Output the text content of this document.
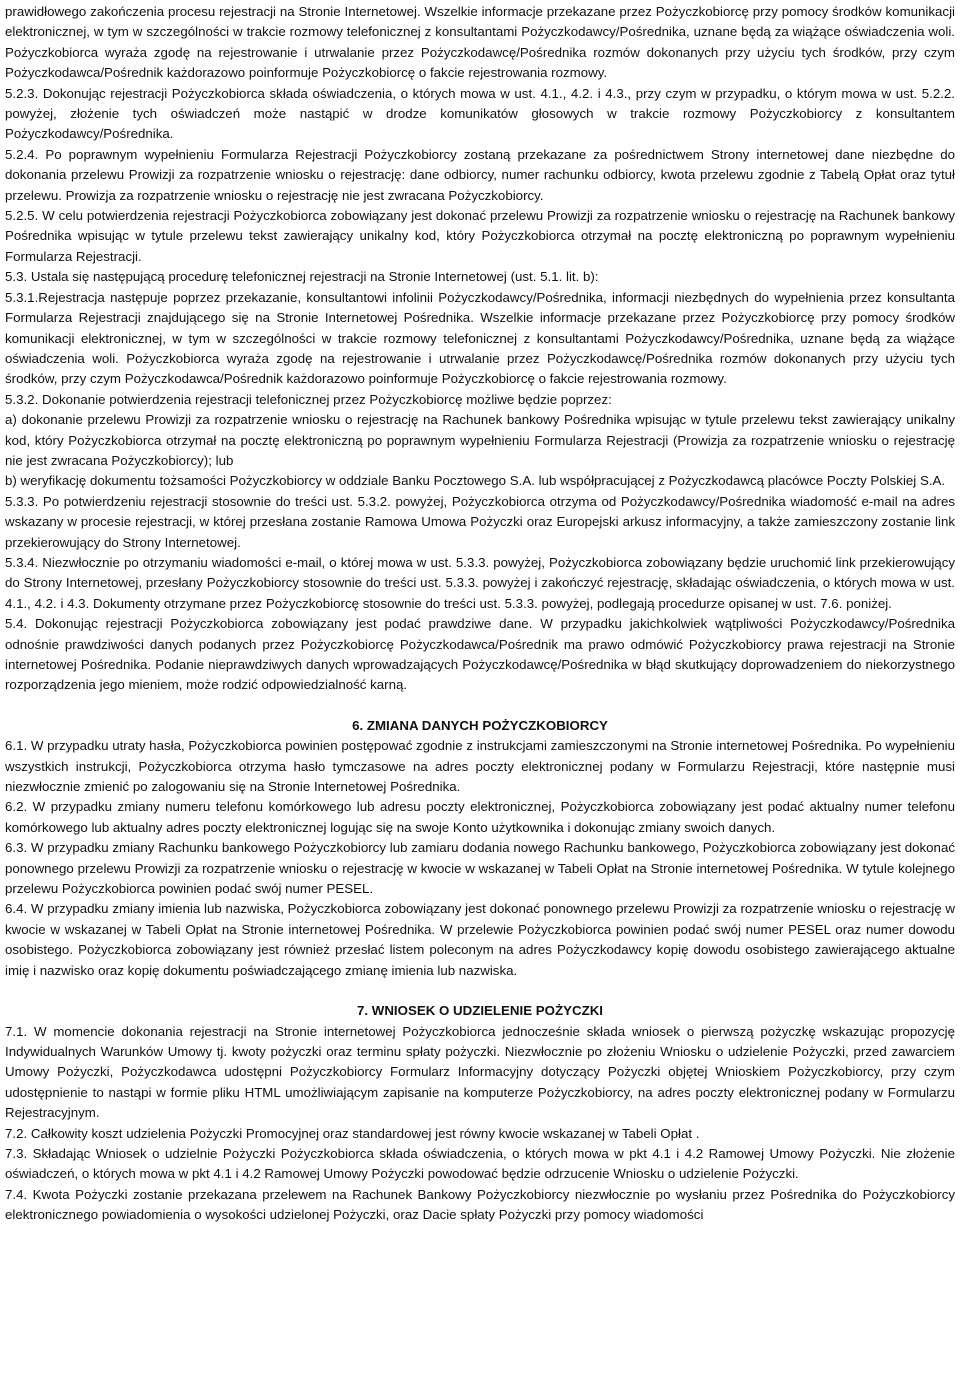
prawidłowego zakończenia procesu rejestracji na Stronie Internetowej. Wszelkie informacje przekazane przez Pożyczkobiorcę przy pomocy środków komunikacji elektronicznej, w tym w szczególności w trakcie rozmowy telefonicznej z konsultantami Pożyczkodawcy/Pośrednika, uznane będą za wiążące oświadczenia woli. Pożyczkobiorca wyraża zgodę na rejestrowanie i utrwalanie przez Pożyczkodawcę/Pośrednika rozmów dokonanych przy użyciu tych środków, przy czym Pożyczkodawca/Pośrednik każdorazowo poinformuje Pożyczkobiorcę o fakcie rejestrowania rozmowy.

5.2.3. Dokonując rejestracji Pożyczkobiorca składa oświadczenia, o których mowa w ust. 4.1., 4.2. i 4.3., przy czym w przypadku, o którym mowa w ust. 5.2.2. powyżej, złożenie tych oświadczeń może nastąpić w drodze komunikatów głosowych w trakcie rozmowy Pożyczkobiorcy z konsultantem Pożyczkodawcy/Pośrednika.

5.2.4. Po poprawnym wypełnieniu Formularza Rejestracji Pożyczkobiorcy zostaną przekazane za pośrednictwem Strony internetowej dane niezbędne do dokonania przelewu Prowizji za rozpatrzenie wniosku o rejestrację: dane odbiorcy, numer rachunku odbiorcy, kwota przelewu zgodnie z Tabelą Opłat oraz tytuł przelewu. Prowizja za rozpatrzenie wniosku o rejestrację nie jest zwracana Pożyczkobiorcy.

5.2.5. W celu potwierdzenia rejestracji Pożyczkobiorca zobowiązany jest dokonać przelewu Prowizji za rozpatrzenie wniosku o rejestrację na Rachunek bankowy Pośrednika wpisując w tytule przelewu tekst zawierający unikalny kod, który Pożyczkobiorca otrzymał na pocztę elektroniczną po poprawnym wypełnieniu Formularza Rejestracji.

5.3. Ustala się następującą procedurę telefonicznej rejestracji na Stronie Internetowej (ust. 5.1. lit. b):

5.3.1.Rejestracja następuje poprzez przekazanie, konsultantowi infolinii Pożyczkodawcy/Pośrednika, informacji niezbędnych do wypełnienia przez konsultanta Formularza Rejestracji znajdującego się na Stronie Internetowej Pośrednika. Wszelkie informacje przekazane przez Pożyczkobiorcę przy pomocy środków komunikacji elektronicznej, w tym w szczególności w trakcie rozmowy telefonicznej z konsultantami Pożyczkodawcy/Pośrednika, uznane będą za wiążące oświadczenia woli. Pożyczkobiorca wyraża zgodę na rejestrowanie i utrwalanie przez Pożyczkodawcę/Pośrednika rozmów dokonanych przy użyciu tych środków, przy czym Pożyczkodawca/Pośrednik każdorazowo poinformuje Pożyczkobiorcę o fakcie rejestrowania rozmowy.

5.3.2. Dokonanie potwierdzenia rejestracji telefonicznej przez Pożyczkobiorcę możliwe będzie poprzez:

a) dokonanie przelewu Prowizji za rozpatrzenie wniosku o rejestrację na Rachunek bankowy Pośrednika wpisując w tytule przelewu tekst zawierający unikalny kod, który Pożyczkobiorca otrzymał na pocztę elektroniczną po poprawnym wypełnieniu Formularza Rejestracji (Prowizja za rozpatrzenie wniosku o rejestrację nie jest zwracana Pożyczkobiorcy); lub

b) weryfikację dokumentu tożsamości Pożyczkobiorcy w oddziale Banku Pocztowego S.A. lub współpracującej z Pożyczkodawcą placówce Poczty Polskiej S.A.

5.3.3. Po potwierdzeniu rejestracji stosownie do treści ust. 5.3.2. powyżej, Pożyczkobiorca otrzyma od Pożyczkodawcy/Pośrednika wiadomość e-mail na adres wskazany w procesie rejestracji, w której przesłana zostanie Ramowa Umowa Pożyczki oraz Europejski arkusz informacyjny, a także zamieszczony zostanie link przekierowujący do Strony Internetowej.

5.3.4. Niezwłocznie po otrzymaniu wiadomości e-mail, o której mowa w ust. 5.3.3. powyżej, Pożyczkobiorca zobowiązany będzie uruchomić link przekierowujący do Strony Internetowej, przesłany Pożyczkobiorcy stosownie do treści ust. 5.3.3. powyżej i zakończyć rejestrację, składając oświadczenia, o których mowa w ust. 4.1., 4.2. i 4.3. Dokumenty otrzymane przez Pożyczkobiorcę stosownie do treści ust. 5.3.3. powyżej, podlegają procedurze opisanej w ust. 7.6. poniżej.

5.4. Dokonując rejestracji Pożyczkobiorca zobowiązany jest podać prawdziwe dane. W przypadku jakichkolwiek wątpliwości Pożyczkodawcy/Pośrednika odnośnie prawdziwości danych podanych przez Pożyczkobiorcę Pożyczkodawca/Pośrednik ma prawo odmówić Pożyczkobiorcy prawa rejestracji na Stronie internetowej Pośrednika. Podanie nieprawdziwych danych wprowadzających Pożyczkodawcę/Pośrednika w błąd skutkujący doprowadzeniem do niekorzystnego rozporządzenia jego mieniem, może rodzić odpowiedzialność karną.

6. ZMIANA DANYCH POŻYCZKOBIORCY

6.1. W przypadku utraty hasła, Pożyczkobiorca powinien postępować zgodnie z instrukcjami zamieszczonymi na Stronie internetowej Pośrednika. Po wypełnieniu wszystkich instrukcji, Pożyczkobiorca otrzyma hasło tymczasowe na adres poczty elektronicznej podany w Formularzu Rejestracji, które następnie musi niezwłocznie zmienić po zalogowaniu się na Stronie Internetowej Pośrednika.

6.2. W przypadku zmiany numeru telefonu komórkowego lub adresu poczty elektronicznej, Pożyczkobiorca zobowiązany jest podać aktualny numer telefonu komórkowego lub aktualny adres poczty elektronicznej logując się na swoje Konto użytkownika i dokonując zmiany swoich danych.

6.3. W przypadku zmiany Rachunku bankowego Pożyczkobiorcy lub zamiaru dodania nowego Rachunku bankowego, Pożyczkobiorca zobowiązany jest dokonać ponownego przelewu Prowizji za rozpatrzenie wniosku o rejestrację w kwocie w wskazanej w Tabeli Opłat na Stronie internetowej Pośrednika. W tytule kolejnego przelewu Pożyczkobiorca powinien podać swój numer PESEL.

6.4. W przypadku zmiany imienia lub nazwiska, Pożyczkobiorca zobowiązany jest dokonać ponownego przelewu Prowizji za rozpatrzenie wniosku o rejestrację w kwocie w wskazanej w Tabeli Opłat na Stronie internetowej Pośrednika. W przelewie Pożyczkobiorca powinien podać swój numer PESEL oraz numer dowodu osobistego. Pożyczkobiorca zobowiązany jest również przesłać listem poleconym na adres Pożyczkodawcy kopię dowodu osobistego zawierającego aktualne imię i nazwisko oraz kopię dokumentu poświadczającego zmianę imienia lub nazwiska.

7. WNIOSEK O UDZIELENIE POŻYCZKI

7.1. W momencie dokonania rejestracji na Stronie internetowej Pożyczkobiorca jednocześnie składa wniosek o pierwszą pożyczkę wskazując propozycję Indywidualnych Warunków Umowy tj. kwoty pożyczki oraz terminu spłaty pożyczki. Niezwłocznie po złożeniu Wniosku o udzielenie Pożyczki, przed zawarciem Umowy Pożyczki, Pożyczkodawca udostępni Pożyczkobiorcy Formularz Informacyjny dotyczący Pożyczki objętej Wnioskiem Pożyczkobiorcy, przy czym udostępnienie to nastąpi w formie pliku HTML umożliwiającym zapisanie na komputerze Pożyczkobiorcy, na adres poczty elektronicznej podany w Formularzu Rejestracyjnym.

7.2. Całkowity koszt udzielenia Pożyczki Promocyjnej oraz standardowej jest równy kwocie wskazanej w Tabeli Opłat .

7.3. Składając Wniosek o udzielnie Pożyczki Pożyczkobiorca składa oświadczenia, o których mowa w pkt 4.1 i 4.2 Ramowej Umowy Pożyczki. Nie złożenie oświadczeń, o których mowa w pkt 4.1 i 4.2 Ramowej Umowy Pożyczki powodować będzie odrzucenie Wniosku o udzielenie Pożyczki.

7.4. Kwota Pożyczki zostanie przekazana przelewem na Rachunek Bankowy Pożyczkobiorcy niezwłocznie po wysłaniu przez Pośrednika do Pożyczkobiorcy elektronicznego powiadomienia o wysokości udzielonej Pożyczki, oraz Dacie spłaty Pożyczki przy pomocy wiadomości
